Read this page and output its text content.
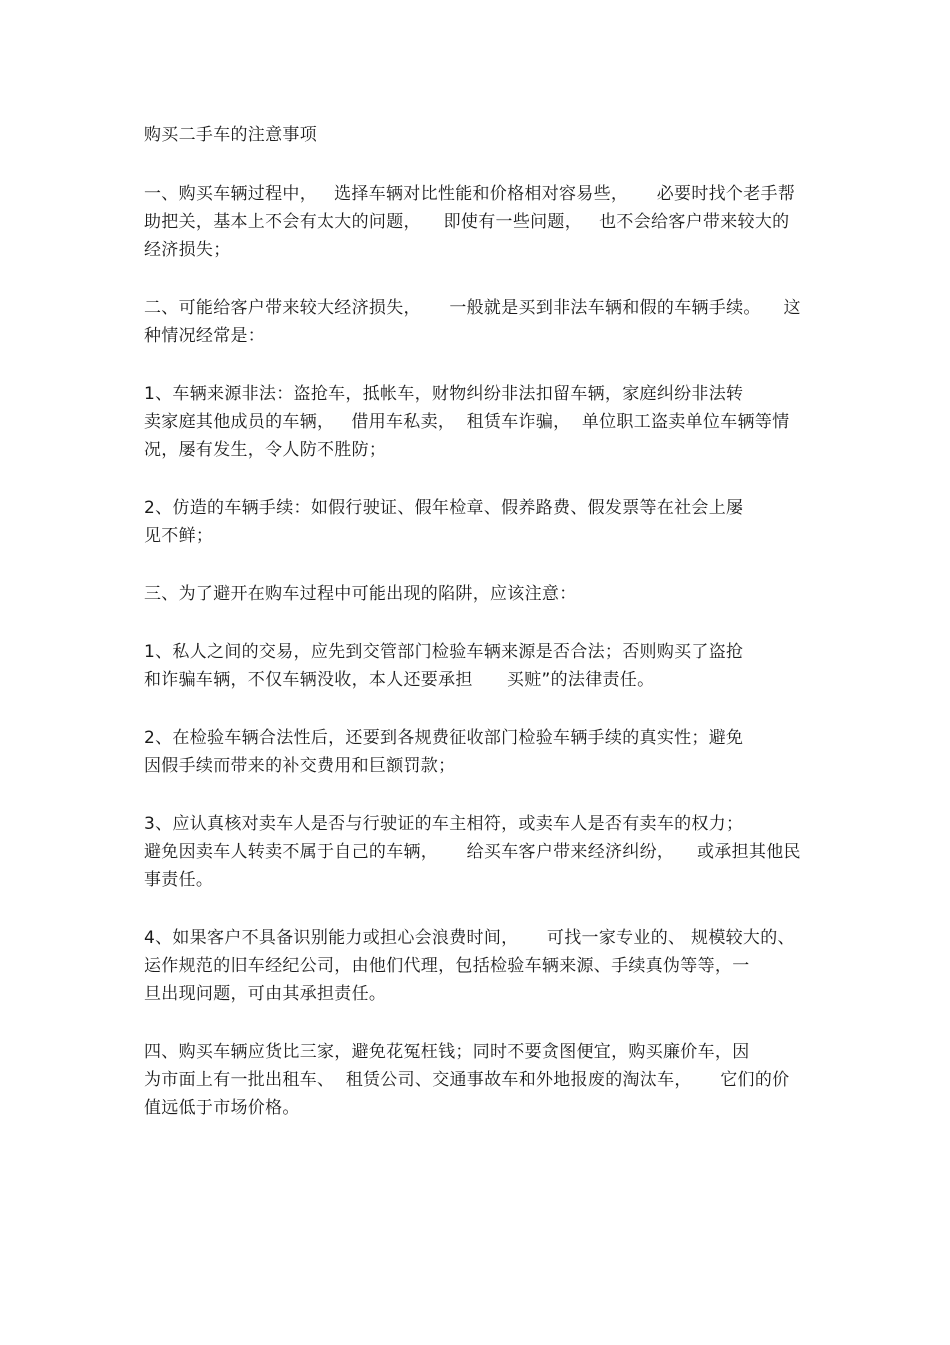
购买二手车的注意事项
一、购买车辆过程中，   选择车辆对比性能和价格相对容易些，     必要时找个老手帮
助把关，基本上不会有太大的问题，    即使有一些问题，   也不会给客户带来较大的
经济损失；
二、可能给客户带来较大经济损失，     一般就是买到非法车辆和假的车辆手续。    这
种情况经常是：
1、车辆来源非法：盗抢车，抵帐车，财物纠纷非法扣留车辆，家庭纠纷非法转
卖家庭其他成员的车辆，   借用车私卖，  租赁车诈骗，  单位职工盗卖单位车辆等情
况，屡有发生，令人防不胜防；
2、仿造的车辆手续：如假行驶证、假年检章、假养路费、假发票等在社会上屡
见不鲜；
三、为了避开在购车过程中可能出现的陷阱，应该注意：
1、私人之间的交易，应先到交管部门检验车辆来源是否合法；否则购买了盗抢
和诈骗车辆，不仅车辆没收，本人还要承担      买赃”的法律责任。
2、在检验车辆合法性后，还要到各规费征收部门检验车辆手续的真实性；避免
因假手续而带来的补交费用和巨额罚款；
3、应认真核对卖车人是否与行驶证的车主相符，或卖车人是否有卖车的权力；
避免因卖车人转卖不属于自己的车辆，     给买车客户带来经济纠纷，    或承担其他民
事责任。
4、如果客户不具备识别能力或担心会浪费时间，     可找一家专业的、 规模较大的、
运作规范的旧车经纪公司，由他们代理，包括检验车辆来源、手续真伪等等，一
旦出现问题，可由其承担责任。
四、购买车辆应货比三家，避免花冤枉钱；同时不要贪图便宜，购买廉价车，因
为市面上有一批出租车、  租赁公司、交通事故车和外地报废的淘汰车，     它们的价
值远低于市场价格。
